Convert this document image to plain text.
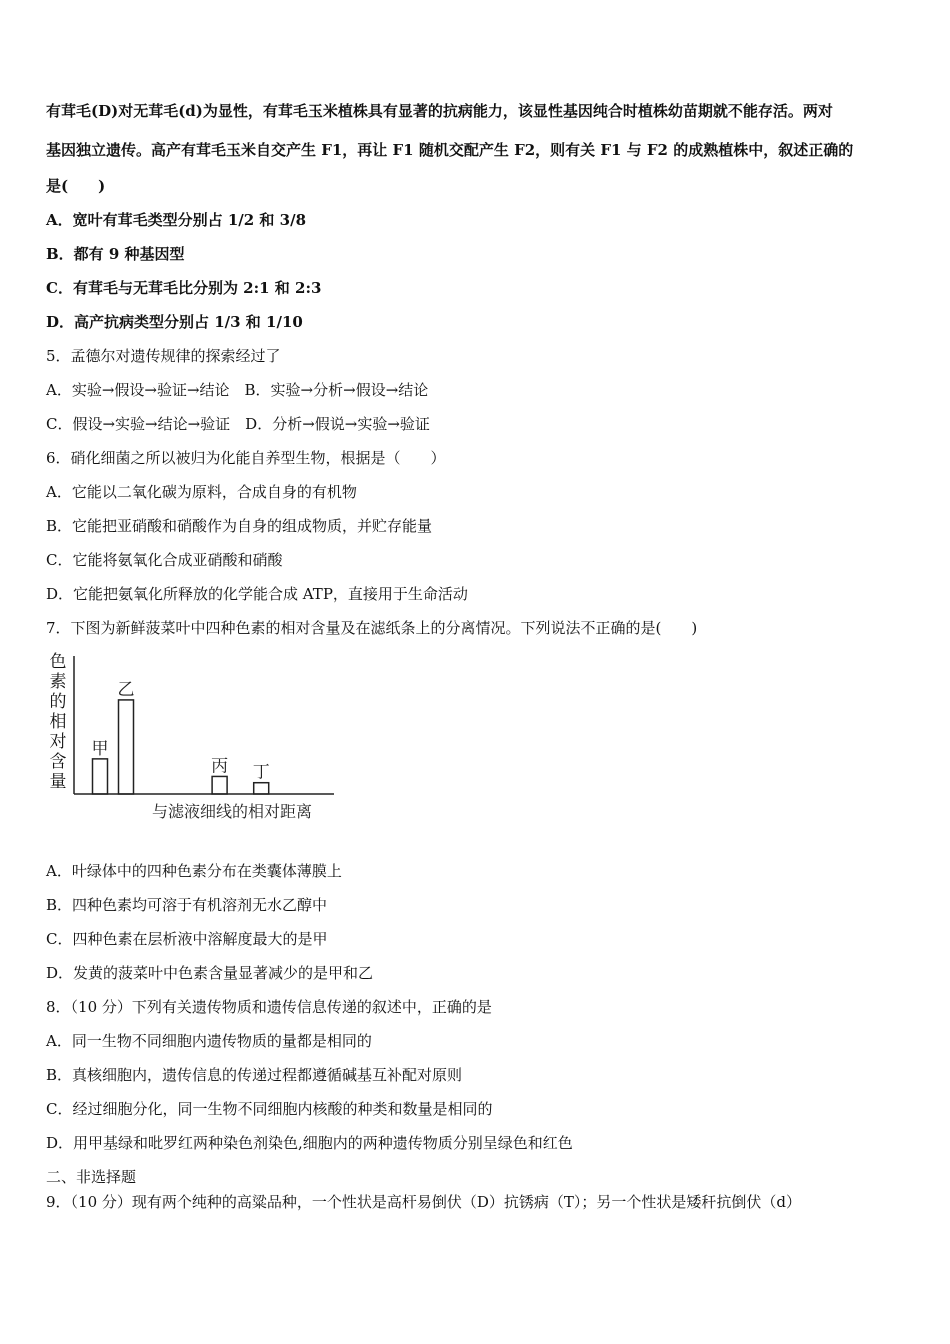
有茸毛(D)对无茸毛(d)为显性，有茸毛玉米植株具有显著的抗病能力，该显性基因纯合时植株幼苗期就不能存活。两对
基因独立遗传。高产有茸毛玉米自交产生 F1，再让 F1 随机交配产生 F2，则有关 F1 与 F2 的成熟植株中，叙述正确的
是(　　)
A．宽叶有茸毛类型分别占 1/2 和 3/8
B．都有 9 种基因型
C．有茸毛与无茸毛比分别为 2:1 和 2:3
D．高产抗病类型分别占 1/3 和 1/10
5．孟德尔对遗传规律的探索经过了
A．实验→假设→验证→结论　B．实验→分析→假设→结论
C．假设→实验→结论→验证　D．分析→假说→实验→验证
6．硝化细菌之所以被归为化能自养型生物，根据是（　　）
A．它能以二氧化碳为原料，合成自身的有机物
B．它能把亚硝酸和硝酸作为自身的组成物质，并贮存能量
C．它能将氨氧化合成亚硝酸和硝酸
D．它能把氨氧化所释放的化学能合成 ATP，直接用于生命活动
7．下图为新鲜菠菜叶中四种色素的相对含量及在滤纸条上的分离情况。下列说法不正确的是(　　)
色素的相对含量
与滤液细线的相对距离
甲
乙
丙 丁
A．叶绿体中的四种色素分布在类囊体薄膜上
B．四种色素均可溶于有机溶剂无水乙醇中
C．四种色素在层析液中溶解度最大的是甲
D．发黄的菠菜叶中色素含量显著减少的是甲和乙
8．（10 分）下列有关遗传物质和遗传信息传递的叙述中，正确的是
A．同一生物不同细胞内遗传物质的量都是相同的
B．真核细胞内，遗传信息的传递过程都遵循碱基互补配对原则
C．经过细胞分化，同一生物不同细胞内核酸的种类和数量是相同的
D．用甲基绿和吡罗红两种染色剂染色,细胞内的两种遗传物质分别呈绿色和红色
二、非选择题
9．（10 分）现有两个纯种的高粱品种，一个性状是高杆易倒伏（D）抗锈病（T）；另一个性状是矮秆抗倒伏（d）
